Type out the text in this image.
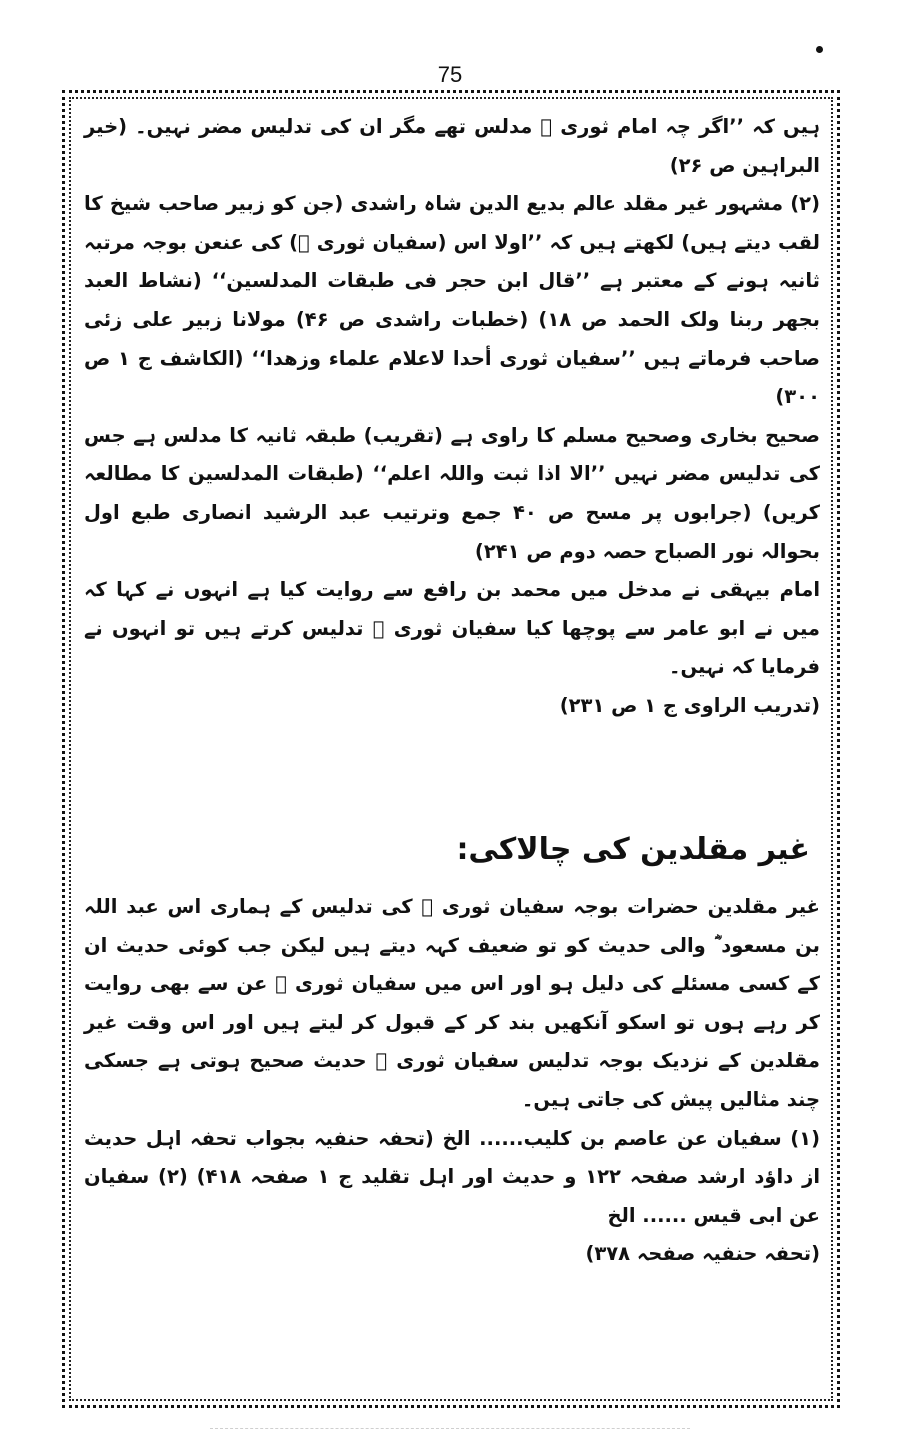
75

ہیں کہ ’’اگر چہ امام ثوری ﷫ مدلس تھے مگر ان کی تدلیس مضر نہیں۔ (خیر البراہین ص ۲۶)

(۲) مشہور غیر مقلد عالم بدیع الدین شاہ راشدی (جن کو زبیر صاحب شیخ کا لقب دیتے ہیں) لکھتے ہیں کہ ’’اولا اس (سفیان ثوری ﷫) کی عنعن بوجہ مرتبہ ثانیہ ہونے کے معتبر ہے ’’قال ابن حجر فی طبقات المدلسین‘‘ (نشاط العبد بجھر ربنا ولک الحمد ص ۱۸) (خطبات راشدی ص ۴۶) مولانا زبیر علی زئی صاحب فرماتے ہیں ’’سفیان ثوری أحدا لاعلام علماء وزھدا‘‘ (الکاشف ج ۱ ص ۳۰۰)

صحیح بخاری وصحیح مسلم کا راوی ہے (تقریب) طبقہ ثانیہ کا مدلس ہے جس کی تدلیس مضر نہیں ’’الا اذا ثبت واللہ اعلم‘‘ (طبقات المدلسین کا مطالعہ کریں) (جرابوں پر مسح ص ۴۰ جمع وترتیب عبد الرشید انصاری طبع اول بحوالہ نور الصباح حصہ دوم ص ۲۴۱)

امام بیہقی نے مدخل میں محمد بن رافع سے روایت کیا ہے انہوں نے کہا کہ میں نے ابو عامر سے پوچھا کیا سفیان ثوری ﷫ تدلیس کرتے ہیں تو انہوں نے فرمایا کہ نہیں۔

(تدریب الراوی ج ۱ ص ۲۳۱)

غیر مقلدین کی چالاکی:

غیر مقلدین حضرات بوجہ سفیان ثوری ﷫ کی تدلیس کے ہماری اس عبد اللہ بن مسعود ؓ والی حدیث کو تو ضعیف کہہ دیتے ہیں لیکن جب کوئی حدیث ان کے کسی مسئلے کی دلیل ہو اور اس میں سفیان ثوری ﷫ عن سے بھی روایت کر رہے ہوں تو اسکو آنکھیں بند کر کے قبول کر لیتے ہیں اور اس وقت غیر مقلدین کے نزدیک بوجہ تدلیس سفیان ثوری ﷫ حدیث صحیح ہوتی ہے جسکی چند مثالیں پیش کی جاتی ہیں۔

(۱) سفیان عن عاصم بن کلیب...... الخ (تحفہ حنفیہ بجواب تحفہ اہل حدیث از داؤد ارشد صفحہ ۱۲۲ و حدیث اور اہل تقلید ج ۱ صفحہ ۴۱۸) (۲) سفیان عن ابی قیس ...... الخ

(تحفہ حنفیہ صفحہ ۳۷۸)
